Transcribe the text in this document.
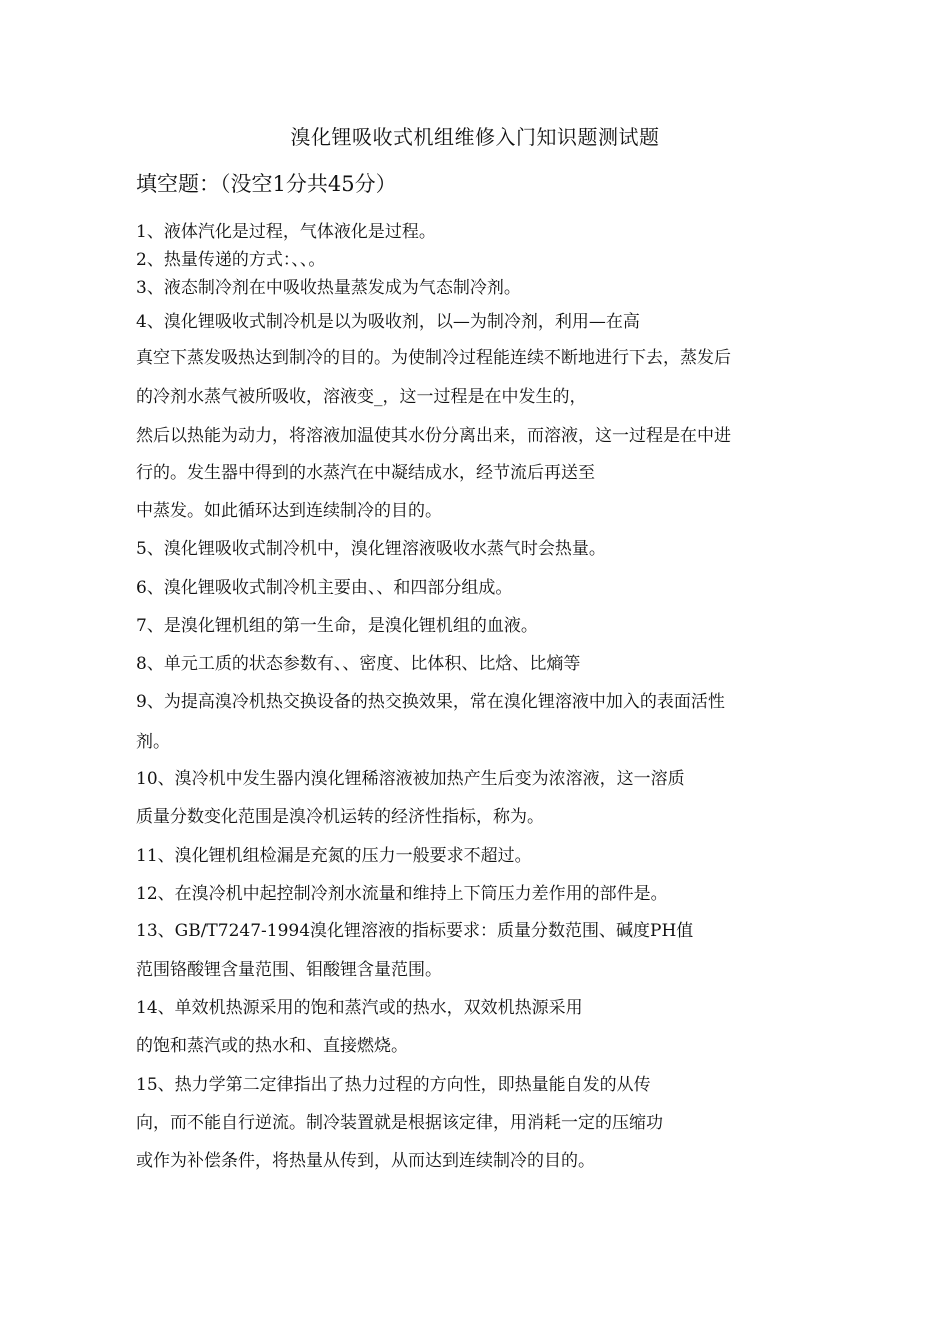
溴化锂吸收式机组维修入门知识题测试题
填空题：（没空1分共45分）
1、液体汽化是过程，气体液化是过程。
2、热量传递的方式：、、。
3、液态制冷剂在中吸收热量蒸发成为气态制冷剂。
4、溴化锂吸收式制冷机是以为吸收剂，以—为制冷剂，利用—在高
真空下蒸发吸热达到制冷的目的。为使制冷过程能连续不断地进行下去，蒸发后
的冷剂水蒸气被所吸收，溶液变_，这一过程是在中发生的，
然后以热能为动力，将溶液加温使其水份分离出来，而溶液，这一过程是在中进
行的。发生器中得到的水蒸汽在中凝结成水，经节流后再送至
中蒸发。如此循环达到连续制冷的目的。
5、溴化锂吸收式制冷机中，溴化锂溶液吸收水蒸气时会热量。
6、溴化锂吸收式制冷机主要由、、和四部分组成。
7、是溴化锂机组的第一生命，是溴化锂机组的血液。
8、单元工质的状态参数有、、密度、比体积、比焓、比熵等
9、为提高溴冷机热交换设备的热交换效果，常在溴化锂溶液中加入的表面活性
剂。
10、溴冷机中发生器内溴化锂稀溶液被加热产生后变为浓溶液，这一溶质
质量分数变化范围是溴冷机运转的经济性指标，称为。
11、溴化锂机组检漏是充氮的压力一般要求不超过。
12、在溴冷机中起控制冷剂水流量和维持上下筒压力差作用的部件是。
13、GB/T7247-1994溴化锂溶液的指标要求：质量分数范围、碱度PH值
范围铬酸锂含量范围、钼酸锂含量范围。
14、单效机热源采用的饱和蒸汽或的热水，双效机热源采用
的饱和蒸汽或的热水和、直接燃烧。
15、热力学第二定律指出了热力过程的方向性，即热量能自发的从传
向，而不能自行逆流。制冷装置就是根据该定律，用消耗一定的压缩功
或作为补偿条件，将热量从传到，从而达到连续制冷的目的。
